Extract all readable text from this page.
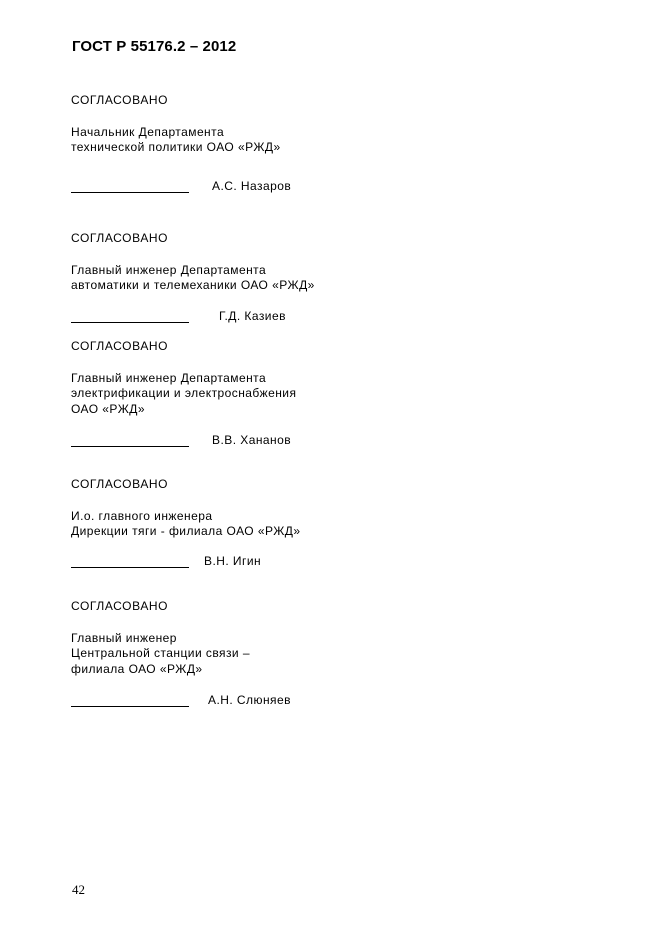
ГОСТ Р 55176.2 – 2012
СОГЛАСОВАНО
Начальник Департамента
технической политики ОАО «РЖД»
А.С. Назаров
СОГЛАСОВАНО
Главный инженер Департамента
автоматики и телемеханики ОАО «РЖД»
Г.Д. Казиев
СОГЛАСОВАНО
Главный инженер Департамента
электрификации и электроснабжения
ОАО «РЖД»
В.В. Хананов
СОГЛАСОВАНО
И.о. главного инженера
Дирекции тяги - филиала ОАО «РЖД»
В.Н. Игин
СОГЛАСОВАНО
Главный инженер
Центральной станции связи –
филиала ОАО «РЖД»
А.Н. Слюняев
42
